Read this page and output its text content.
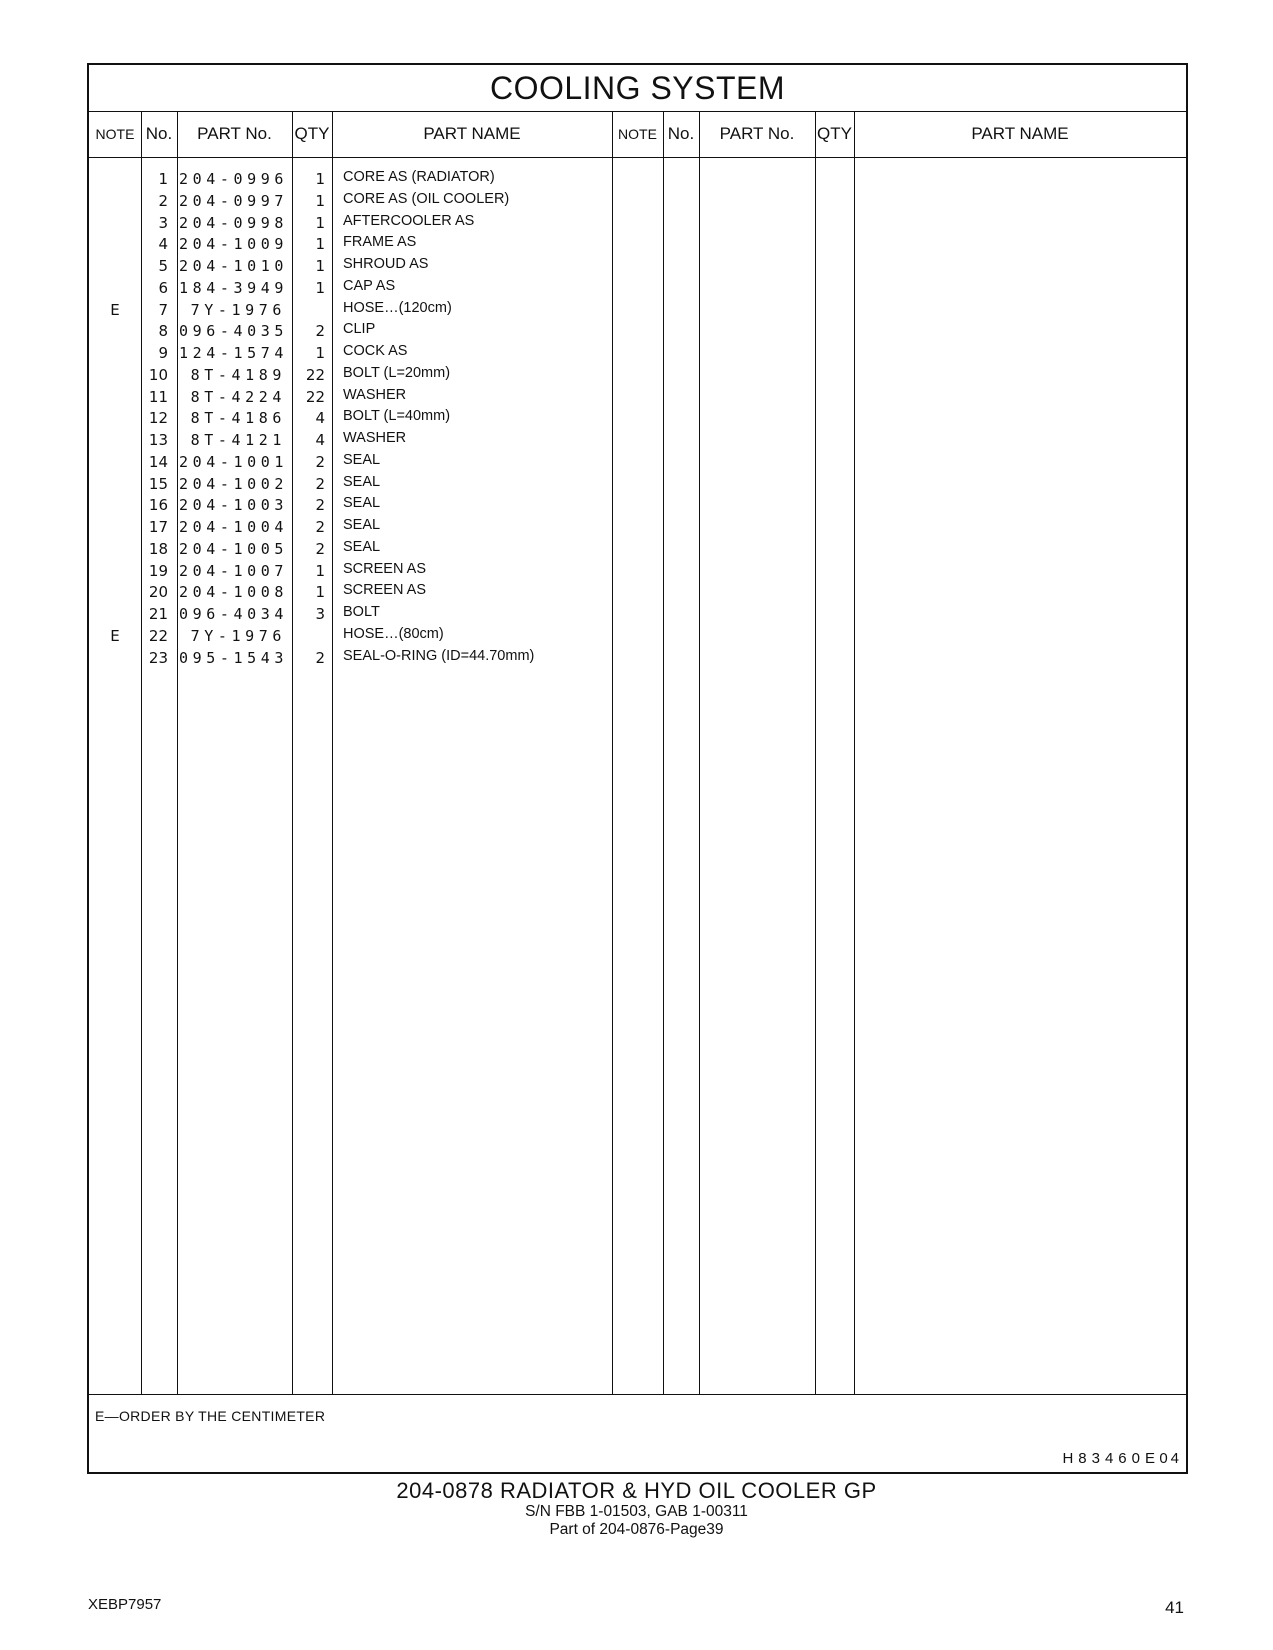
COOLING SYSTEM
NOTE No.	PART No.	QTY	PART NAME	NOTE No.	PART No.	QTY	PART NAME
1 204-0996	1 CORE AS (RADIATOR)
2 204-0997	1 CORE AS (OIL COOLER)
3 204-0998	1 AFTERCOOLER AS
4 204-1009	1 FRAME AS
5 204-1010	1 SHROUD AS
6 184-3949	1 CAP AS
E	7	7Y-1976	HOSE…(120cm)
8 096-4035	2 CLIP
9 124-1574	1 COCK AS
10	8T-4189	22 BOLT (L=20mm)
11	8T-4224	22 WASHER
12	8T-4186	4 BOLT (L=40mm)
13	8T-4121	4 WASHER
14 204-1001	2 SEAL
15 204-1002	2 SEAL
16 204-1003	2 SEAL
17 204-1004	2 SEAL
18 204-1005	2 SEAL
19 204-1007	1 SCREEN AS
20 204-1008	1 SCREEN AS
21 096-4034	3 BOLT
E	22	7Y-1976	HOSE…(80cm)
23 095-1543	2 SEAL-O-RING (ID=44.70mm)
E—ORDER BY THE CENTIMETER
H83460E 04
204-0878 RADIATOR & HYD OIL COOLER GP
S/N FBB 1-01503, GAB 1-00311
Part of 204-0876-Page39
XEBP7957	41
